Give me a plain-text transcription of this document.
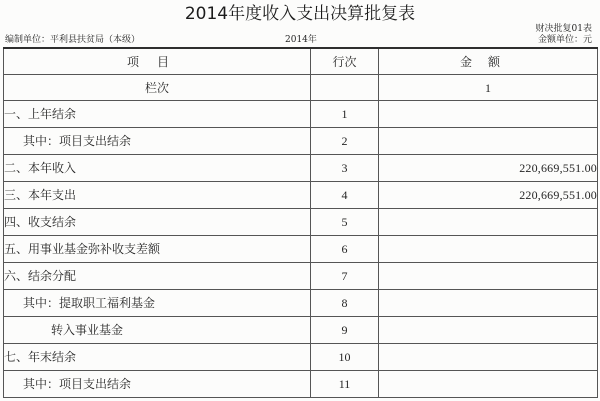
2014年度收入支出决算批复表
财决批复01表
金额单位：元
编制单位：平利县扶贫局（本级）	2014年
项目	行次	金额
栏次		1
一、上年结余	1	
其中：项目支出结余	2	
二、本年收入	3	220,669,551.00
三、本年支出	4	220,669,551.00
四、收支结余	5	
五、用事业基金弥补收支差额	6	
六、结余分配	7	
其中：提取职工福利基金	8	
转入事业基金	9	
七、年末结余	10	
其中：项目支出结余	11	
